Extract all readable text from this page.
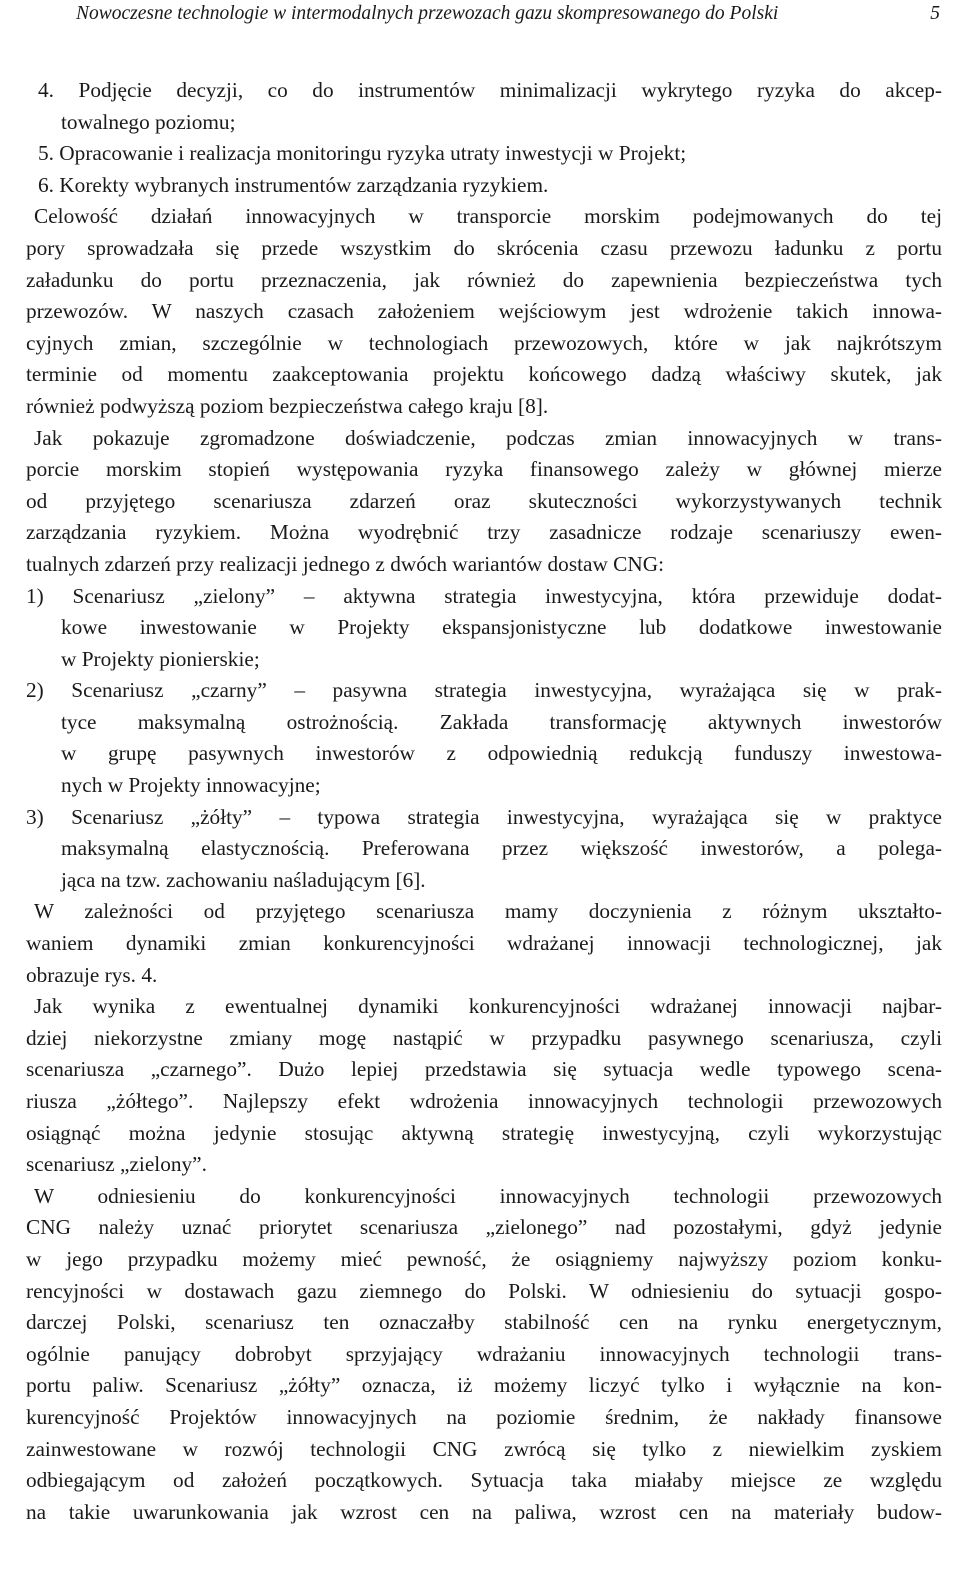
Nowoczesne technologie w intermodalnych przewozach gazu skompresowanego do Polski	5
4. Podjęcie decyzji, co do instrumentów minimalizacji wykrytego ryzyka do akcep-
towalnego poziomu;
5. Opracowanie i realizacja monitoringu ryzyka utraty inwestycji w Projekt;
6. Korekty wybranych instrumentów zarządzania ryzykiem.
Celowość działań innowacyjnych w transporcie morskim podejmowanych do tej
pory sprowadzała się przede wszystkim do skrócenia czasu przewozu ładunku z portu
załadunku do portu przeznaczenia, jak również do zapewnienia bezpieczeństwa tych
przewozów. W naszych czasach założeniem wejściowym jest wdrożenie takich innowa-
cyjnych zmian, szczególnie w technologiach przewozowych, które w jak najkrótszym
terminie od momentu zaakceptowania projektu końcowego dadzą właściwy skutek, jak
również podwyższą poziom bezpieczeństwa całego kraju [8].
Jak pokazuje zgromadzone doświadczenie, podczas zmian innowacyjnych w trans-
porcie morskim stopień występowania ryzyka finansowego zależy w głównej mierze
od przyjętego scenariusza zdarzeń oraz skuteczności wykorzystywanych technik
zarządzania ryzykiem. Można wyodrębnić trzy zasadnicze rodzaje scenariuszy ewen-
tualnych zdarzeń przy realizacji jednego z dwóch wariantów dostaw CNG:
1) Scenariusz „zielony” – aktywna strategia inwestycyjna, która przewiduje dodat-
kowe inwestowanie w Projekty ekspansjonistyczne lub dodatkowe inwestowanie
w Projekty pionierskie;
2) Scenariusz „czarny” – pasywna strategia inwestycyjna, wyrażająca się w prak-
tyce maksymalną ostrożnością. Zakłada transformację aktywnych inwestorów
w grupę pasywnych inwestorów z odpowiednią redukcją funduszy inwestowa-
nych w Projekty innowacyjne;
3) Scenariusz „żółty” – typowa strategia inwestycyjna, wyrażająca się w praktyce
maksymalną elastycznością. Preferowana przez większość inwestorów, a polega-
jąca na tzw. zachowaniu naśladującym [6].
W zależności od przyjętego scenariusza mamy doczynienia z różnym ukształto-
waniem dynamiki zmian konkurencyjności wdrażanej innowacji technologicznej, jak
obrazuje rys. 4.
Jak wynika z ewentualnej dynamiki konkurencyjności wdrażanej innowacji najbar-
dziej niekorzystne zmiany mogę nastąpić w przypadku pasywnego scenariusza, czyli
scenariusza „czarnego”. Dużo lepiej przedstawia się sytuacja wedle typowego scena-
riusza „żółtego”. Najlepszy efekt wdrożenia innowacyjnych technologii przewozowych
osiągnąć można jedynie stosując aktywną strategię inwestycyjną, czyli wykorzystując
scenariusz „zielony”.
W odniesieniu do konkurencyjności innowacyjnych technologii przewozowych
CNG należy uznać priorytet scenariusza „zielonego” nad pozostałymi, gdyż jedynie
w jego przypadku możemy mieć pewność, że osiągniemy najwyższy poziom konku-
rencyjności w dostawach gazu ziemnego do Polski. W odniesieniu do sytuacji gospo-
darczej Polski, scenariusz ten oznaczałby stabilność cen na rynku energetycznym,
ogólnie panujący dobrobyt sprzyjający wdrażaniu innowacyjnych technologii trans-
portu paliw. Scenariusz „żółty” oznacza, iż możemy liczyć tylko i wyłącznie na kon-
kurencyjność Projektów innowacyjnych na poziomie średnim, że nakłady finansowe
zainwestowane w rozwój technologii CNG zwrócą się tylko z niewielkim zyskiem
odbiegającym od założeń początkowych. Sytuacja taka miałaby miejsce ze względu
na takie uwarunkowania jak wzrost cen na paliwa, wzrost cen na materiały budow-
